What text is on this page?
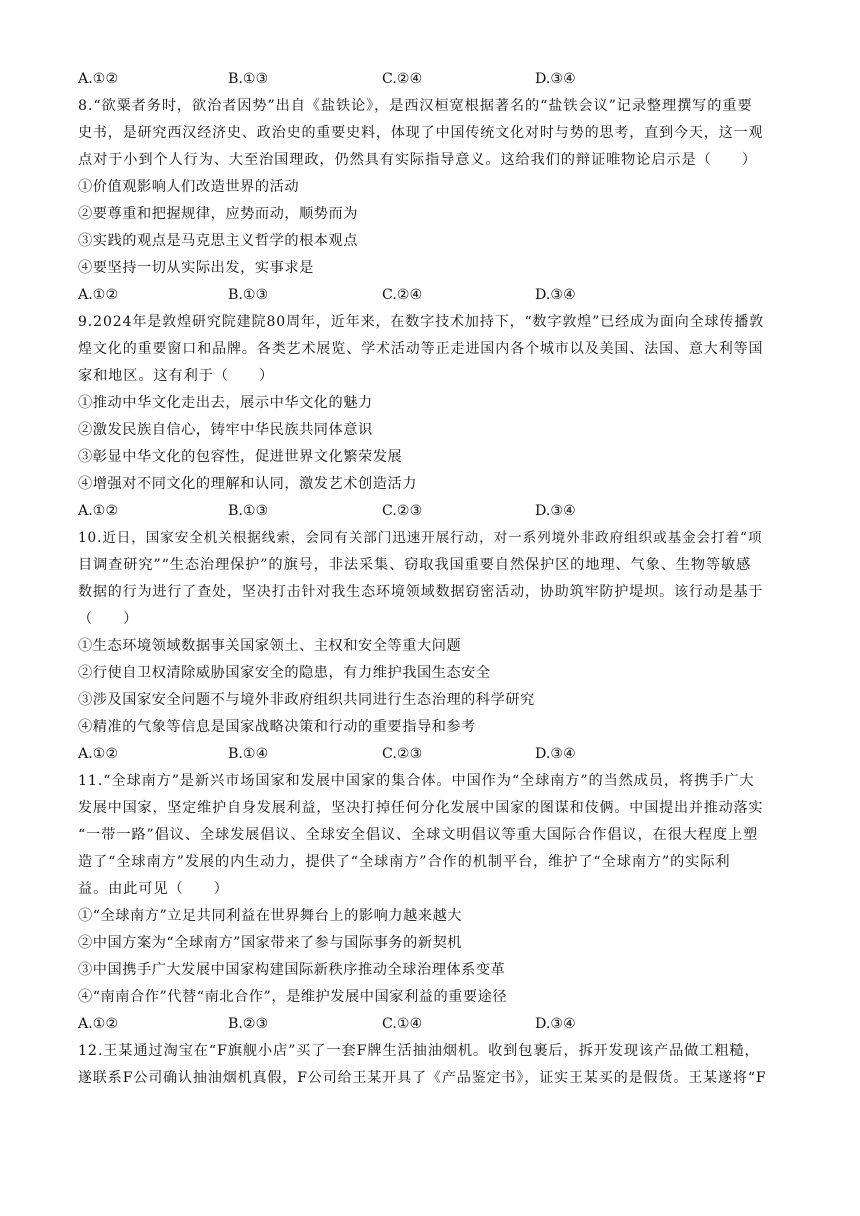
A.①②	B.①③	C.②④	D.③④
8.“欲粟者务时，欲治者因势”出自《盐铁论》，是西汉桓宽根据著名的“盐铁会议”记录整理撰写的重要
史书，是研究西汉经济史、政治史的重要史料，体现了中国传统文化对时与势的思考，直到今天，这一观
点对于小到个人行为、大至治国理政，仍然具有实际指导意义。这给我们的辩证唯物论启示是（　　）
①价值观影响人们改造世界的活动
②要尊重和把握规律，应势而动，顺势而为
③实践的观点是马克思主义哲学的根本观点
④要坚持一切从实际出发，实事求是
A.①②	B.①③	C.②④	D.③④
9.2024年是敦煌研究院建院80周年，近年来，在数字技术加持下，“数字敦煌”已经成为面向全球传播敦
煌文化的重要窗口和品牌。各类艺术展览、学术活动等正走进国内各个城市以及美国、法国、意大利等国
家和地区。这有利于（　　）
①推动中华文化走出去，展示中华文化的魅力
②激发民族自信心，铸牢中华民族共同体意识
③彰显中华文化的包容性，促进世界文化繁荣发展
④增强对不同文化的理解和认同，激发艺术创造活力
A.①②	B.①③	C.②③	D.③④
10.近日，国家安全机关根据线索，会同有关部门迅速开展行动，对一系列境外非政府组织或基金会打着“项
目调查研究”“生态治理保护”的旗号，非法采集、窃取我国重要自然保护区的地理、气象、生物等敏感
数据的行为进行了查处，坚决打击针对我生态环境领域数据窃密活动，协助筑牢防护堤坝。该行动是基于
（　　）
①生态环境领域数据事关国家领土、主权和安全等重大问题
②行使自卫权清除威胁国家安全的隐患，有力维护我国生态安全
③涉及国家安全问题不与境外非政府组织共同进行生态治理的科学研究
④精准的气象等信息是国家战略决策和行动的重要指导和参考
A.①②	B.①④	C.②③	D.③④
11.“全球南方”是新兴市场国家和发展中国家的集合体。中国作为“全球南方”的当然成员，将携手广大
发展中国家，坚定维护自身发展利益，坚决打掉任何分化发展中国家的图谋和伎俩。中国提出并推动落实
“一带一路”倡议、全球发展倡议、全球安全倡议、全球文明倡议等重大国际合作倡议，在很大程度上塑
造了“全球南方”发展的内生动力，提供了“全球南方”合作的机制平台，维护了“全球南方”的实际利
益。由此可见（　　）
①“全球南方”立足共同利益在世界舞台上的影响力越来越大
②中国方案为“全球南方”国家带来了参与国际事务的新契机
③中国携手广大发展中国家构建国际新秩序推动全球治理体系变革
④“南南合作”代替“南北合作”，是维护发展中国家利益的重要途径
A.①②	B.②③	C.①④	D.③④
12.王某通过淘宝在“F旗舰小店”买了一套F牌生活抽油烟机。收到包裹后，拆开发现该产品做工粗糙，
遂联系F公司确认抽油烟机真假，F公司给王某开具了《产品鉴定书》，证实王某买的是假货。王某遂将“F
